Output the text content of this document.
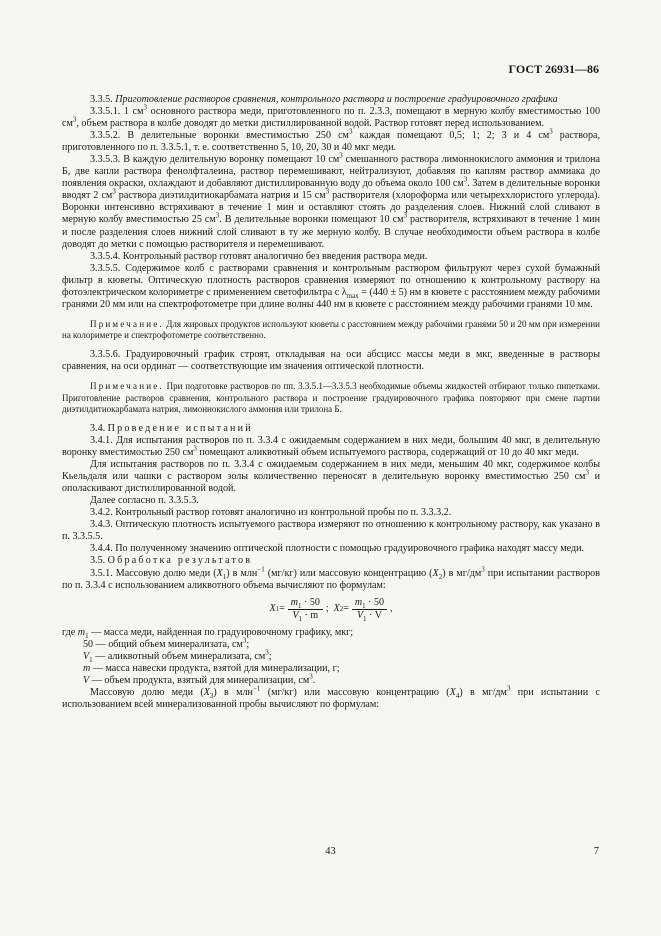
ГОСТ 26931—86

3.3.5. Приготовление растворов сравнения, контрольного раствора и построение градуировочного графика

3.3.5.1. 1 $см^3$ основного раствора меди, приготовленного по п. 2.3.3, помещают в мерную колбу вместимостью 100 $см^3$, объем раствора в колбе доводят до метки дистиллированной водой. Раствор готовят перед использованием.

3.3.5.2. В делительные воронки вместимостью 250 $см^3$ каждая помещают 0,5; 1; 2; 3 и 4 $см^3$ раствора, приготовленного по п. 3.3.5.1, т. е. соответственно 5, 10, 20, 30 и 40 мкг меди.

3.3.5.3. В каждую делительную воронку помещают 10 $см^3$ смешанного раствора лимоннокислого аммония и трилона Б, две капли раствора фенолфталеина, раствор перемешивают, нейтрализуют, добавляя по каплям раствор аммиака до появления окраски, охлаждают и добавляют дистиллированную воду до объема около 100 $см^3$. Затем в делительные воронки вводят 2 $см^3$ раствора диэтилдитиокарбамата натрия и 15 $см^3$ растворителя (хлороформа или четыреххлористого углерода). Воронки интенсивно встряхивают в течение 1 мин и оставляют стоять до разделения слоев. Нижний слой сливают в мерную колбу вместимостью 25 $см^3$. В делительные воронки помещают 10 $см^3$ растворителя, встряхивают в течение 1 мин и после разделения слоев нижний слой сливают в ту же мерную колбу. В случае необходимости объем раствора в колбе доводят до метки с помощью растворителя и перемешивают.

3.3.5.4. Контрольный раствор готовят аналогично без введения раствора меди.

3.3.5.5. Содержимое колб с растворами сравнения и контрольным раствором фильтруют через сухой бумажный фильтр в кюветы. Оптическую плотность растворов сравнения измеряют по отношению к контрольному раствору на фотоэлектрическом колориметре с применением светофильтра с $\lambda_{max} = (440 \pm 5)$ нм в кювете с расстоянием между рабочими гранями 20 мм или на спектрофотометре при длине волны 440 нм в кювете с расстоянием между рабочими гранями 10 мм.

Примечание. Для жировых продуктов используют кюветы с расстоянием между рабочими гранями 50 и 20 мм при измерении на колориметре и спектрофотометре соответственно.

3.3.5.6. Градуировочный график строят, откладывая на оси абсцисс массы меди в мкг, введенные в растворы сравнения, на оси ординат — соответствующие им значения оптической плотности.

Примечание. При подготовке растворов по пп. 3.3.5.1—3.3.5.3 необходимые объемы жидкостей отбирают только пипетками. Приготовление растворов сравнения, контрольного раствора и построение градуировочного графика повторяют при смене партии диэтилдитиокарбамата натрия, лимоннокислого аммония или трилона Б.

3.4. Проведение испытаний

3.4.1. Для испытания растворов по п. 3.3.4 с ожидаемым содержанием в них меди, большим 40 мкг, в делительную воронку вместимостью 250 $см^3$ помещают аликвотный объем испытуемого раствора, содержащий от 10 до 40 мкг меди.

Для испытания растворов по п. 3.3.4 с ожидаемым содержанием в них меди, меньшим 40 мкг, содержимое колбы Кьельдаля или чашки с раствором золы количественно переносят в делительную воронку вместимостью 250 $см^3$ и ополаскивают дистиллированной водой.

Далее согласно п. 3.3.5.3.

3.4.2. Контрольный раствор готовят аналогично из контрольной пробы по п. 3.3.3.2.

3.4.3. Оптическую плотность испытуемого раствора измеряют по отношению к контрольному раствору, как указано в п. 3.3.5.5.

3.4.4. По полученному значению оптической плотности с помощью градуировочного графика находят массу меди.

3.5. Обработка результатов

3.5.1. Массовую долю меди $(X_1)$ в млн$^{-1}$ (мг/кг) или массовую концентрацию $(X_2)$ в $мг/дм^3$ при испытании растворов по п. 3.3.4 с использованием аликвотного объема вычисляют по формулам:

X $1 = \frac{m_1 \cdot 50}{V_1 \cdot m}$ ;
X $2 = \frac{m_1 \cdot 50}{V_1 \cdot V}$ ,

где $m_1$ — масса меди, найденная по градуировочному графику, мкг;

50 — общий объем минерализата, $см^3$;

$V_1$ — аликвотный объем минерализата, $см^3$;

m — масса навески продукта, взятой для минерализации, г;

V — объем продукта, взятый для минерализации, $см^3$.

Массовую долю меди $(X_3)$ в млн$^{-1}$ (мг/кг) или массовую концентрацию $(X_4)$ в $мг/дм^3$ при испытании с использованием всей минерализованной пробы вычисляют по формулам:

43	7
